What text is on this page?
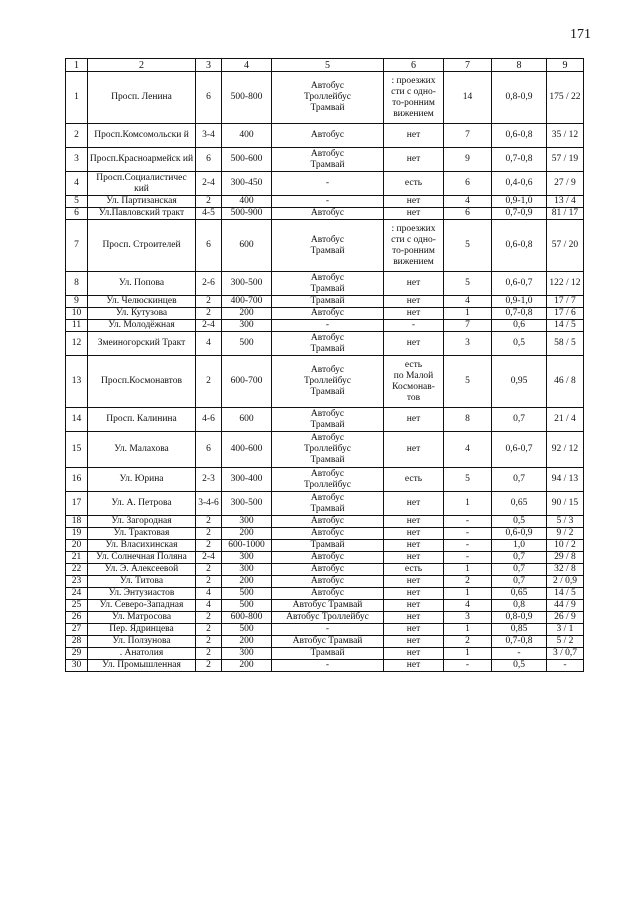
171
1	2	3	4	5	6	7	8	9
1	Просп. Ленина	6	500-800	Автобус
Троллейбус
Трамвай	: проезжих
сти с одно-
то-ронним
вижением	14	0,8-0,9	175 / 22
2	Просп.Комсомольски й	3-4	400	Автобус	нет	7	0,6-0,8	35 / 12
3	Просп.Красноармейск ий	6	500-600	Автобус
Трамвай	нет	9	0,7-0,8	57 / 19
4	Просп.Социалистичес кий	2-4	300-450	-	есть	6	0,4-0,6	27 / 9
5	Ул. Партизанская	2	400	-	нет	4	0,9-1,0	13 / 4
6	Ул.Павловский тракт	4-5	500-900	Автобус	нет	6	0,7-0,9	81 / 17
7	Просп. Строителей	6	600	Автобус
Трамвай	: проезжих
сти с одно-
то-ронним
вижением	5	0,6-0,8	57 / 20
8	Ул. Попова	2-6	300-500	Автобус
Трамвай	нет	5	0,6-0,7	122 / 12
9	Ул. Челюскинцев	2	400-700	Трамвай	нет	4	0,9-1,0	17 / 7
10	Ул. Кутузова	2	200	Автобус	нет	1	0,7-0,8	17 / 6
11	Ул. Молодёжная	2-4	300	-	-	7	0,6	14 / 5
12	Змеиногорский Тракт	4	500	Автобус
Трамвай	нет	3	0,5	58 / 5
13	Просп.Космонавтов	2	600-700	Автобус
Троллейбус
Трамвай	есть
по Малой
Космонав-
тов	5	0,95	46 / 8
14	Просп. Калинина	4-6	600	Автобус
Трамвай	нет	8	0,7	21 / 4
15	Ул. Малахова	6	400-600	Автобус
Троллейбус
Трамвай	нет	4	0,6-0,7	92 / 12
16	Ул. Юрина	2-3	300-400	Автобус
Троллейбус	есть	5	0,7	94 / 13
17	Ул. А. Петрова	3-4-6	300-500	Автобус
Трамвай	нет	1	0,65	90 / 15
18	Ул. Загородная	2	300	Автобус	нет	-	0,5	5 / 3
19	Ул. Трактовая	2	200	Автобус	нет	-	0,6-0,9	9 / 2
20	Ул. Власихинская	2	600-1000	Трамвай	нет	-	1,0	10 / 2
21	Ул. Солнечная Поляна	2-4	300	Автобус	нет	-	0,7	29 / 8
22	Ул. Э. Алексеевой	2	300	Автобус	есть	1	0,7	32 / 8
23	Ул. Титова	2	200	Автобус	нет	2	0,7	2 / 0,9
24	Ул. Энтузиастов	4	500	Автобус	нет	1	0,65	14 / 5
25	Ул. Северо-Западная	4	500	Автобус Трамвай	нет	4	0,8	44 / 9
26	Ул. Матросова	2	600-800	Автобус Троллейбус	нет	3	0,8-0,9	26 / 9
27	Пер. Ядринцева	2	500	-	нет	1	0,85	3 / 1
28	Ул. Ползунова	2	200	Автобус Трамвай	нет	2	0,7-0,8	5 / 2
29	. Анатолия	2	300	Трамвай	нет	1	-	3 / 0,7
30	Ул. Промышленная	2	200	-	нет	-	0,5	-
